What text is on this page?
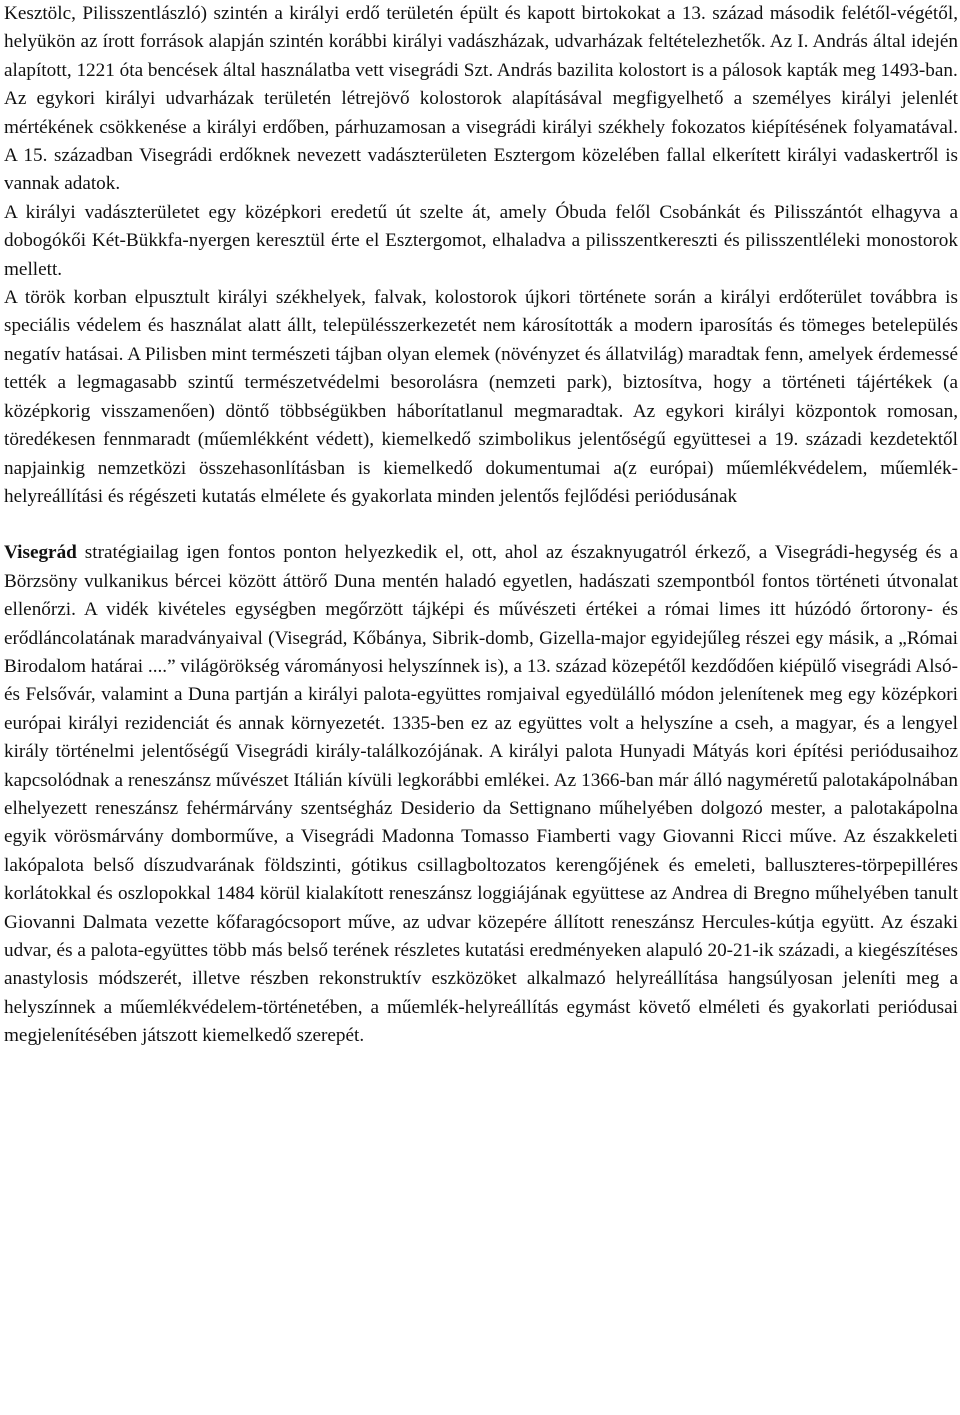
Kesztölc, Pilisszentlászló) szintén a királyi erdő területén épült és kapott birtokokat a 13. század második felétől-végétől, helyükön az írott források alapján szintén korábbi királyi vadászházak, udvarházak feltételezhetők. Az I. András által idején alapított, 1221 óta bencések által használatba vett visegrádi Szt. András bazilita kolostort is a pálosok kapták meg 1493-ban.

Az egykori királyi udvarházak területén létrejövő kolostorok alapításával megfigyelhető a személyes királyi jelenlét mértékének csökkenése a királyi erdőben, párhuzamosan a visegrádi királyi székhely fokozatos kiépítésének folyamatával. A 15. században Visegrádi erdőknek nevezett vadászterületen Esztergom közelében fallal elkerített királyi vadaskertről is vannak adatok.

A királyi vadászterületet egy középkori eredetű út szelte át, amely Óbuda felől Csobánkát és Pilisszántót elhagyva a dobogókői Két-Bükkfa-nyergen keresztül érte el Esztergomot, elhaladva a pilisszentkereszti és pilisszentléleki monostorok mellett.

A török korban elpusztult királyi székhelyek, falvak, kolostorok újkori története során a királyi erdőterület továbbra is speciális védelem és használat alatt állt, településszerkezetét nem károsították a modern iparosítás és tömeges betelepülés negatív hatásai. A Pilisben mint természeti tájban olyan elemek (növényzet és állatvilág) maradtak fenn, amelyek érdemessé tették a legmagasabb szintű természetvédelmi besorolásra (nemzeti park), biztosítva, hogy a történeti tájértékek (a középkorig visszamenően) döntő többségükben háborítatlanul megmaradtak. Az egykori királyi központok romosan, töredékesen fennmaradt (műemlékként védett), kiemelkedő szimbolikus jelentőségű együttesei a 19. századi kezdetektől napjainkig nemzetközi összehasonlításban is kiemelkedő dokumentumai a(z európai) műemlékvédelem, műemlék-helyreállítási és régészeti kutatás elmélete és gyakorlata minden jelentős fejlődési periódusának

Visegrád stratégiailag igen fontos ponton helyezkedik el, ott, ahol az északnyugatról érkező, a Visegrádi-hegység és a Börzsöny vulkanikus bércei között áttörő Duna mentén haladó egyetlen, hadászati szempontból fontos történeti útvonalat ellenőrzi. A vidék kivételes egységben megőrzött tájképi és művészeti értékei a római limes itt húzódó őrtorony- és erődláncolatának maradványaival (Visegrád, Kőbánya, Sibrik-domb, Gizella-major egyidejűleg részei egy másik, a „Római Birodalom határai ....” világörökség várományosi helyszínnek is), a 13. század közepétől kezdődően kiépülő visegrádi Alsó- és Felsővár, valamint a Duna partján a királyi palota-együttes romjaival egyedülálló módon jelenítenek meg egy középkori európai királyi rezidenciát és annak környezetét. 1335-ben ez az együttes volt a helyszíne a cseh, a magyar, és a lengyel király történelmi jelentőségű Visegrádi király-találkozójának. A királyi palota Hunyadi Mátyás kori építési periódusaihoz kapcsolódnak a reneszánsz művészet Itálián kívüli legkorábbi emlékei. Az 1366-ban már álló nagyméretű palotakápolnában elhelyezett reneszánsz fehérmárvány szentségház Desiderio da Settignano műhelyében dolgozó mester, a palotakápolna egyik vörösmárvány domborműve, a Visegrádi Madonna Tomasso Fiamberti vagy Giovanni Ricci műve. Az északkeleti lakópalota belső díszudvarának földszinti, gótikus csillagboltozatos kerengőjének és emeleti, balluszteres-törpepilléres korlátokkal és oszlopokkal 1484 körül kialakított reneszánsz loggiájának együttese az Andrea di Bregno műhelyében tanult Giovanni Dalmata vezette kőfaragócsoport műve, az udvar közepére állított reneszánsz Hercules-kútja együtt. Az északi udvar, és a palota-együttes több más belső terének részletes kutatási eredményeken alapuló 20-21-ik századi, a kiegészítéses anastylosis módszerét, illetve részben rekonstruktív eszközöket alkalmazó helyreállítása hangsúlyosan jeleníti meg a helyszínnek a műemlékvédelem-történetében, a műemlék-helyreállítás egymást követő elméleti és gyakorlati periódusai megjelenítésében játszott kiemelkedő szerepét.
